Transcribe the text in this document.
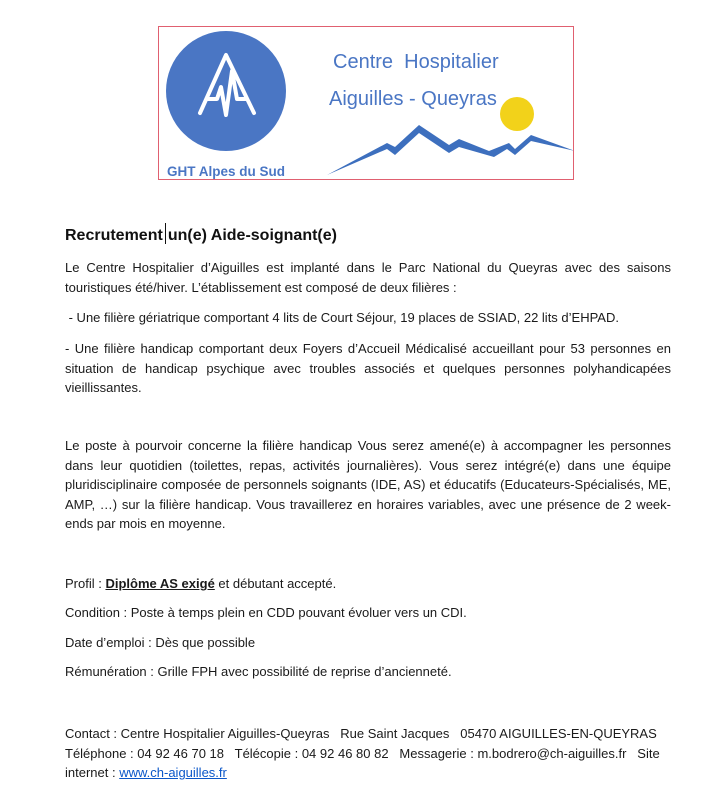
GHT Alpes du Sud
Centre  Hospitalier
Aiguilles - Queyras
Recrutement un(e) Aide-soignant(e)

Le Centre Hospitalier d’Aiguilles est implanté dans le Parc National du Queyras avec des saisons touristiques été/hiver. L’établissement est composé de deux filières :

- Une filière gériatrique comportant 4 lits de Court Séjour, 19 places de SSIAD, 22 lits d’EHPAD.

- Une filière handicap comportant deux Foyers d’Accueil Médicalisé accueillant pour 53 personnes en situation de handicap psychique avec troubles associés et quelques personnes polyhandicapées vieillissantes.

Le poste à pourvoir concerne la filière handicap Vous serez amené(e) à accompagner les personnes dans leur quotidien (toilettes, repas, activités journalières). Vous serez intégré(e) dans une équipe pluridisciplinaire composée de personnels soignants (IDE, AS) et éducatifs (Educateurs-Spécialisés, ME, AMP, …) sur la filière handicap. Vous travaillerez en horaires variables, avec une présence de 2 week-ends par mois en moyenne.

Profil : Diplôme AS exigé et débutant accepté.

Condition : Poste à temps plein en CDD pouvant évoluer vers un CDI.

Date d’emploi : Dès que possible

Rémunération : Grille FPH avec possibilité de reprise d’ancienneté.

Contact : Centre Hospitalier Aiguilles-Queyras   Rue Saint Jacques   05470 AIGUILLES-EN-QUEYRAS

Téléphone : 04 92 46 70 18   Télécopie : 04 92 46 80 82   Messagerie : m.bodrero@ch-aiguilles.fr   Site

internet : www.ch-aiguilles.fr
